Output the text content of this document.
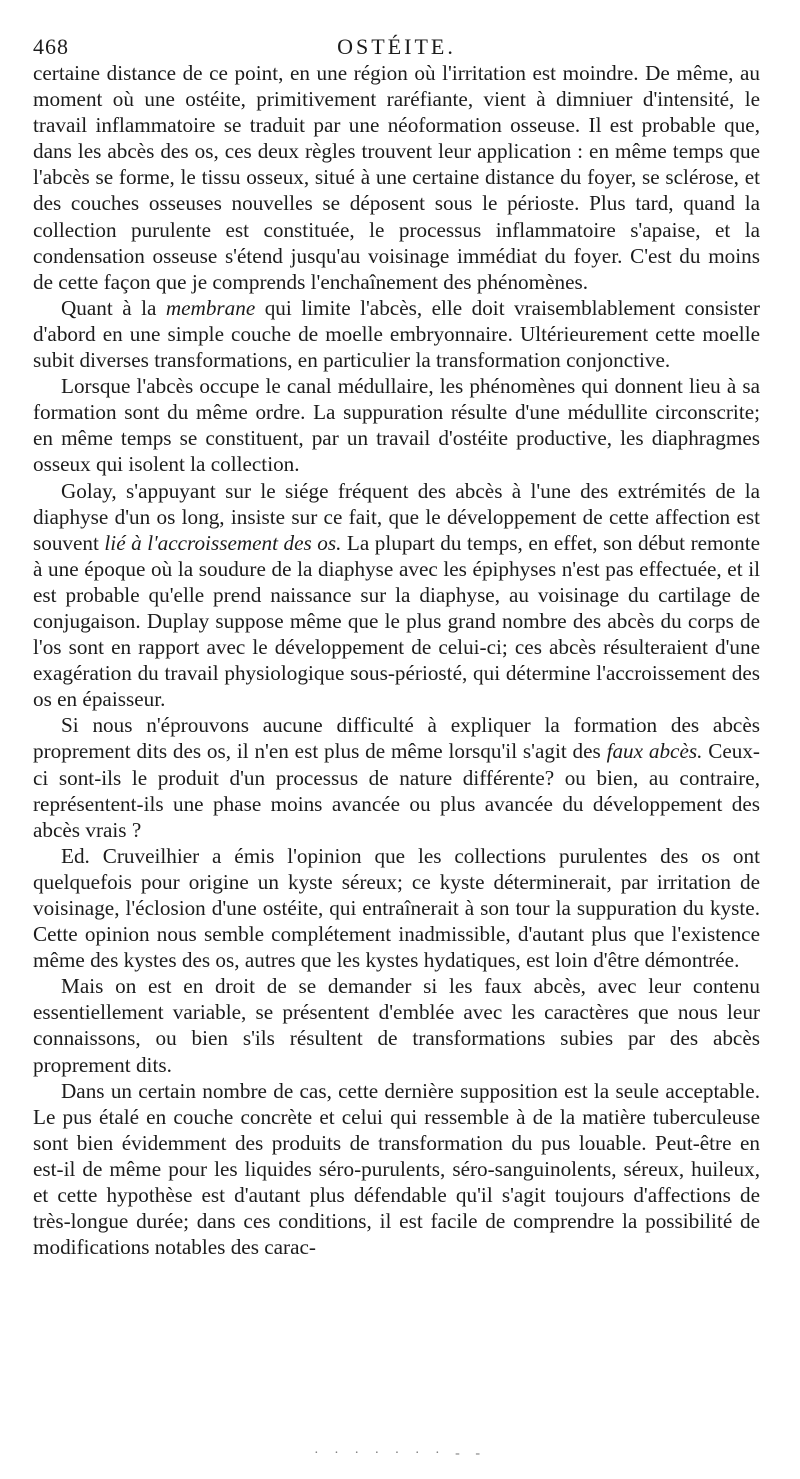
468	OSTÉITE.

certaine distance de ce point, en une région où l'irritation est moindre. De même, au moment où une ostéite, primitivement raréfiante, vient à dimniuer d'intensité, le travail inflammatoire se traduit par une néoformation osseuse. Il est probable que, dans les abcès des os, ces deux règles trouvent leur application : en même temps que l'abcès se forme, le tissu osseux, situé à une certaine distance du foyer, se sclérose, et des couches osseuses nouvelles se déposent sous le périoste. Plus tard, quand la collection purulente est constituée, le processus inflammatoire s'apaise, et la condensation osseuse s'étend jusqu'au voisinage immédiat du foyer. C'est du moins de cette façon que je comprends l'enchaînement des phénomènes.

Quant à la membrane qui limite l'abcès, elle doit vraisemblablement consister d'abord en une simple couche de moelle embryonnaire. Ultérieurement cette moelle subit diverses transformations, en particulier la transformation conjonctive.

Lorsque l'abcès occupe le canal médullaire, les phénomènes qui donnent lieu à sa formation sont du même ordre. La suppuration résulte d'une médullite circonscrite; en même temps se constituent, par un travail d'ostéite productive, les diaphragmes osseux qui isolent la collection.

Golay, s'appuyant sur le siége fréquent des abcès à l'une des extrémités de la diaphyse d'un os long, insiste sur ce fait, que le développement de cette affection est souvent lié à l'accroissement des os. La plupart du temps, en effet, son début remonte à une époque où la soudure de la diaphyse avec les épiphyses n'est pas effectuée, et il est probable qu'elle prend naissance sur la diaphyse, au voisinage du cartilage de conjugaison. Duplay suppose même que le plus grand nombre des abcès du corps de l'os sont en rapport avec le développement de celui-ci; ces abcès résulteraient d'une exagération du travail physiologique sous-périosté, qui détermine l'accroissement des os en épaisseur.

Si nous n'éprouvons aucune difficulté à expliquer la formation des abcès proprement dits des os, il n'en est plus de même lorsqu'il s'agit des faux abcès. Ceux-ci sont-ils le produit d'un processus de nature différente? ou bien, au contraire, représentent-ils une phase moins avancée ou plus avancée du développement des abcès vrais ?

Ed. Cruveilhier a émis l'opinion que les collections purulentes des os ont quelquefois pour origine un kyste séreux; ce kyste déterminerait, par irritation de voisinage, l'éclosion d'une ostéite, qui entraînerait à son tour la suppuration du kyste. Cette opinion nous semble complétement inadmissible, d'autant plus que l'existence même des kystes des os, autres que les kystes hydatiques, est loin d'être démontrée.

Mais on est en droit de se demander si les faux abcès, avec leur contenu essentiellement variable, se présentent d'emblée avec les caractères que nous leur connaissons, ou bien s'ils résultent de transformations subies par des abcès proprement dits.

Dans un certain nombre de cas, cette dernière supposition est la seule acceptable. Le pus étalé en couche concrète et celui qui ressemble à de la matière tuberculeuse sont bien évidemment des produits de transformation du pus louable. Peut-être en est-il de même pour les liquides séro-purulents, séro-sanguinolents, séreux, huileux, et cette hypothèse est d'autant plus défendable qu'il s'agit toujours d'affections de très-longue durée; dans ces conditions, il est facile de comprendre la possibilité de modifications notables des carac-

· · · · · · · - -
